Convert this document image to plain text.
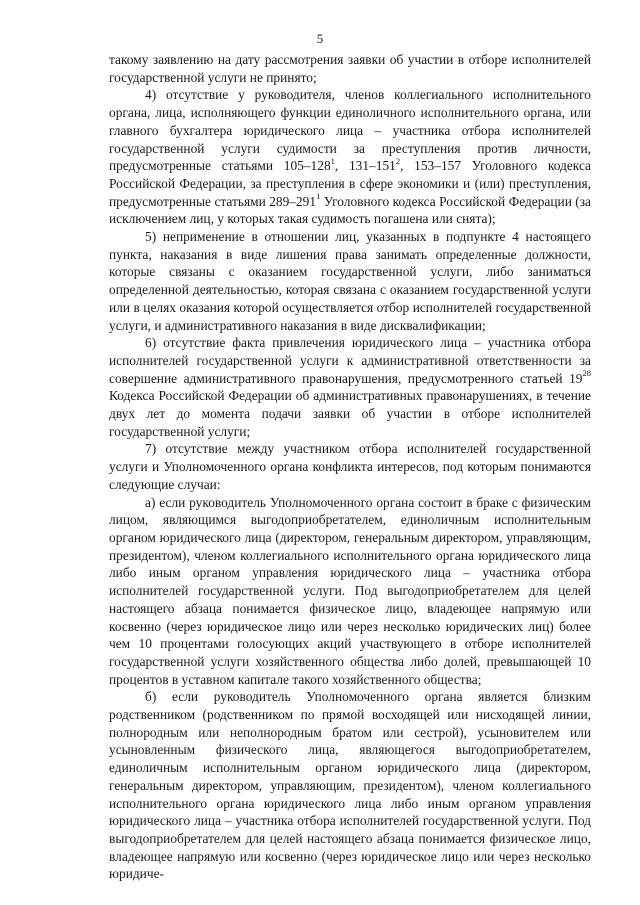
5

такому заявлению на дату рассмотрения заявки об участии в отборе исполнителей государственной услуги не принято;

4) отсутствие у руководителя, членов коллегиального исполнительного органа, лица, исполняющего функции единоличного исполнительного органа, или главного бухгалтера юридического лица – участника отбора исполнителей государственной услуги судимости за преступления против личности, предусмотренные статьями $105-128^1$, $131-151^2$, 153–157 Уголовного кодекса Российской Федерации, за преступления в сфере экономики и (или) преступления, предусмотренные статьями $289-291^1$ Уголовного кодекса Российской Федерации (за исключением лиц, у которых такая судимость погашена или снята);

5) неприменение в отношении лиц, указанных в подпункте 4 настоящего пункта, наказания в виде лишения права занимать определенные должности, которые связаны с оказанием государственной услуги, либо заниматься определенной деятельностью, которая связана с оказанием государственной услуги или в целях оказания которой осуществляется отбор исполнителей государственной услуги, и административного наказания в виде дисквалификации;

6) отсутствие факта привлечения юридического лица – участника отбора исполнителей государственной услуги к административной ответственности за совершение административного правонарушения, предусмотренного статьей $19^{28}$ Кодекса Российской Федерации об административных правонарушениях, в течение двух лет до момента подачи заявки об участии в отборе исполнителей государственной услуги;

7) отсутствие между участником отбора исполнителей государственной услуги и Уполномоченного органа конфликта интересов, под которым понимаются следующие случаи:

а) если руководитель Уполномоченного органа состоит в браке с физическим лицом, являющимся выгодоприобретателем, единоличным исполнительным органом юридического лица (директором, генеральным директором, управляющим, президентом), членом коллегиального исполнительного органа юридического лица либо иным органом управления юридического лица – участника отбора исполнителей государственной услуги. Под выгодоприобретателем для целей настоящего абзаца понимается физическое лицо, владеющее напрямую или косвенно (через юридическое лицо или через несколько юридических лиц) более чем 10 процентами голосующих акций участвующего в отборе исполнителей государственной услуги хозяйственного общества либо долей, превышающей 10 процентов в уставном капитале такого хозяйственного общества;

б) если руководитель Уполномоченного органа является близким родственником (родственником по прямой восходящей или нисходящей линии, полнородным или неполнородным братом или сестрой), усыновителем или усыновленным физического лица, являющегося выгодоприобретателем, единоличным исполнительным органом юридического лица (директором, генеральным директором, управляющим, президентом), членом коллегиального исполнительного органа юридического лица либо иным органом управления юридического лица – участника отбора исполнителей государственной услуги. Под выгодоприобретателем для целей настоящего абзаца понимается физическое лицо, владеющее напрямую или косвенно (через юридическое лицо или через несколько юридиче-
